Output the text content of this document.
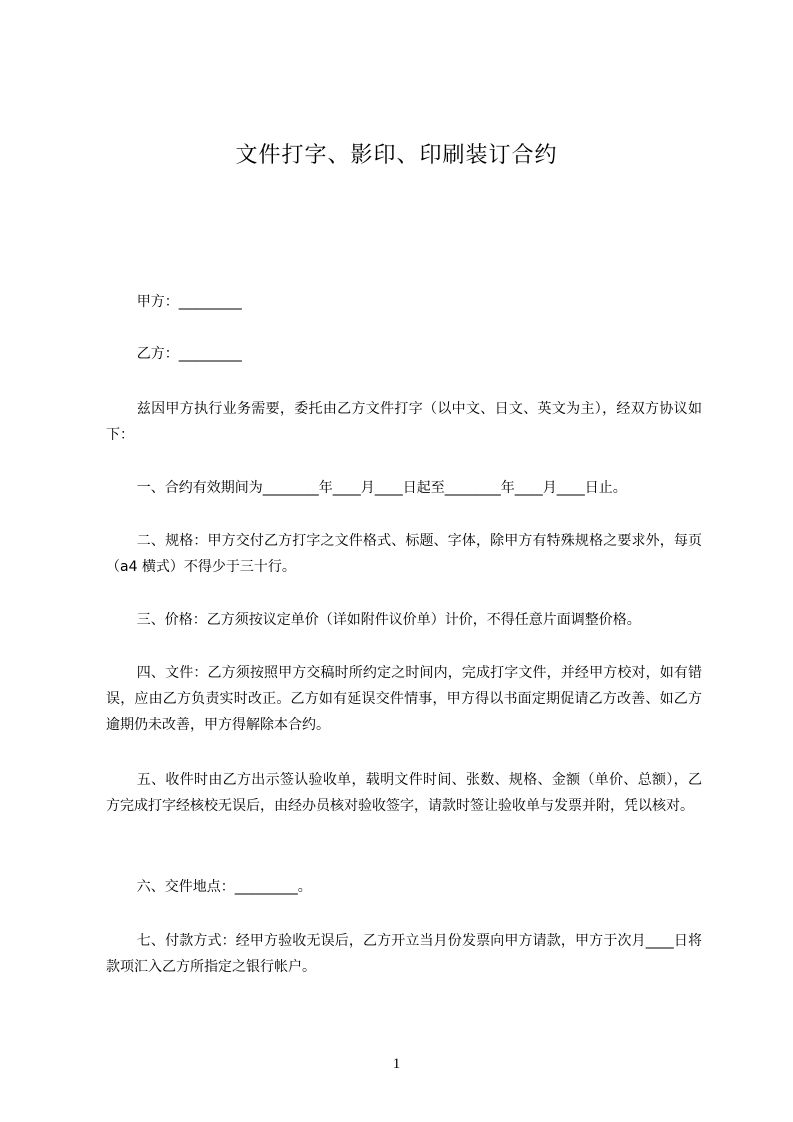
文件打字、影印、印刷装订合约

甲方：_________

乙方：_________

兹因甲方执行业务需要，委托由乙方文件打字（以中文、日文、英文为主），经双方协议如下：

一、合约有效期间为________年____月____日起至________年____月____日止。

二、规格：甲方交付乙方打字之文件格式、标题、字体，除甲方有特殊规格之要求外，每页（a4 横式）不得少于三十行。

三、价格：乙方须按议定单价（详如附件议价单）计价，不得任意片面调整价格。

四、文件：乙方须按照甲方交稿时所约定之时间内，完成打字文件，并经甲方校对，如有错误，应由乙方负责实时改正。乙方如有延误交件情事，甲方得以书面定期促请乙方改善、如乙方逾期仍未改善，甲方得解除本合约。

五、收件时由乙方出示签认验收单，载明文件时间、张数、规格、金额（单价、总额），乙方完成打字经核校无误后，由经办员核对验收签字，请款时签让验收单与发票并附，凭以核对。

六、交件地点：_________。

七、付款方式：经甲方验收无误后，乙方开立当月份发票向甲方请款，甲方于次月____日将款项汇入乙方所指定之银行帐户。

1
